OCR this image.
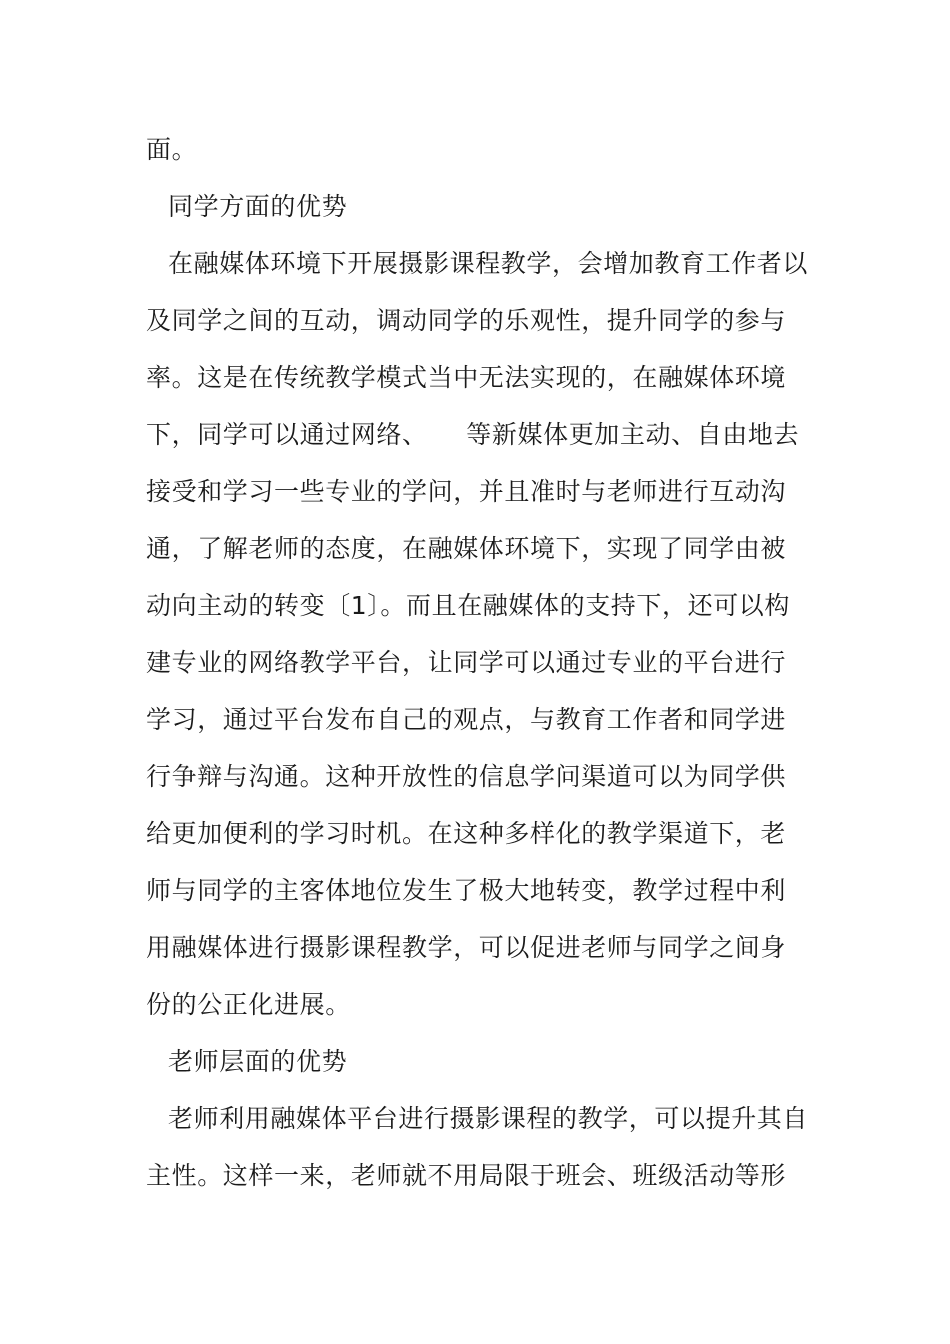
面。

同学方面的优势

在融媒体环境下开展摄影课程教学，会增加教育工作者以

及同学之间的互动，调动同学的乐观性，提升同学的参与

率。这是在传统教学模式当中无法实现的，在融媒体环境

下，同学可以通过网络、　　等新媒体更加主动、自由地去

接受和学习一些专业的学问，并且准时与老师进行互动沟

通，了解老师的态度，在融媒体环境下，实现了同学由被

动向主动的转变〔1〕。而且在融媒体的支持下，还可以构

建专业的网络教学平台，让同学可以通过专业的平台进行

学习，通过平台发布自己的观点，与教育工作者和同学进

行争辩与沟通。这种开放性的信息学问渠道可以为同学供

给更加便利的学习时机。在这种多样化的教学渠道下，老

师与同学的主客体地位发生了极大地转变，教学过程中利

用融媒体进行摄影课程教学，可以促进老师与同学之间身

份的公正化进展。

老师层面的优势

老师利用融媒体平台进行摄影课程的教学，可以提升其自

主性。这样一来，老师就不用局限于班会、班级活动等形
